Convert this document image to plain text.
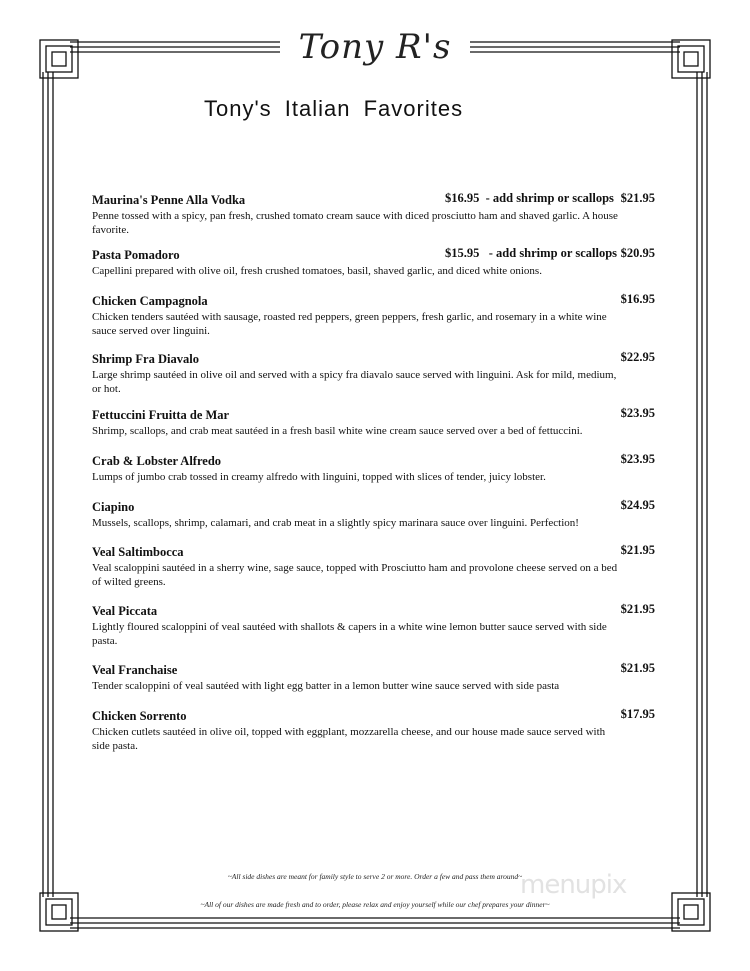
Tony R's
Tony's Italian Favorites
Maurina's Penne Alla Vodka	$16.95  - add shrimp or scallops $21.95
Penne tossed with a spicy, pan fresh, crushed tomato cream sauce with diced prosciutto ham and shaved garlic. A house favorite.
Pasta Pomadoro	$15.95   - add shrimp or scallops $20.95
Capellini prepared with olive oil, fresh crushed tomatoes, basil, shaved garlic, and diced white onions.
Chicken Campagnola	$16.95
Chicken tenders sautéed with sausage, roasted red peppers, green peppers, fresh garlic, and rosemary in a white wine sauce served over linguini.
Shrimp Fra Diavalo	$22.95
Large shrimp sautéed in olive oil and served with a spicy fra diavalo sauce served with linguini. Ask for mild, medium, or hot.
Fettuccini Fruitta de Mar	$23.95
Shrimp, scallops, and crab meat sautéed in a fresh basil white wine cream sauce served over a bed of fettuccini.
Crab & Lobster Alfredo	$23.95
Lumps of jumbo crab tossed in creamy alfredo with linguini, topped with slices of tender, juicy lobster.
Ciapino	$24.95
Mussels, scallops, shrimp, calamari, and crab meat in a slightly spicy marinara sauce over linguini. Perfection!
Veal Saltimbocca	$21.95
Veal scaloppini sautéed in a sherry wine, sage sauce, topped with Prosciutto ham and provolone cheese served on a bed of wilted greens.
Veal Piccata	$21.95
Lightly floured scaloppini of veal sautéed with shallots & capers in a white wine lemon butter sauce served with side pasta.
Veal Franchaise	$21.95
Tender scaloppini of veal sautéed with light egg batter in a lemon butter wine sauce served with side pasta
Chicken Sorrento	$17.95
Chicken cutlets sautéed in olive oil, topped with eggplant, mozzarella cheese, and our house made sauce served with side pasta.
~All side dishes are meant for family style to serve 2 or more. Order a few and pass them around~
~All of our dishes are made fresh and to order, please relax and enjoy yourself while our chef prepares your dinner~
menupix
